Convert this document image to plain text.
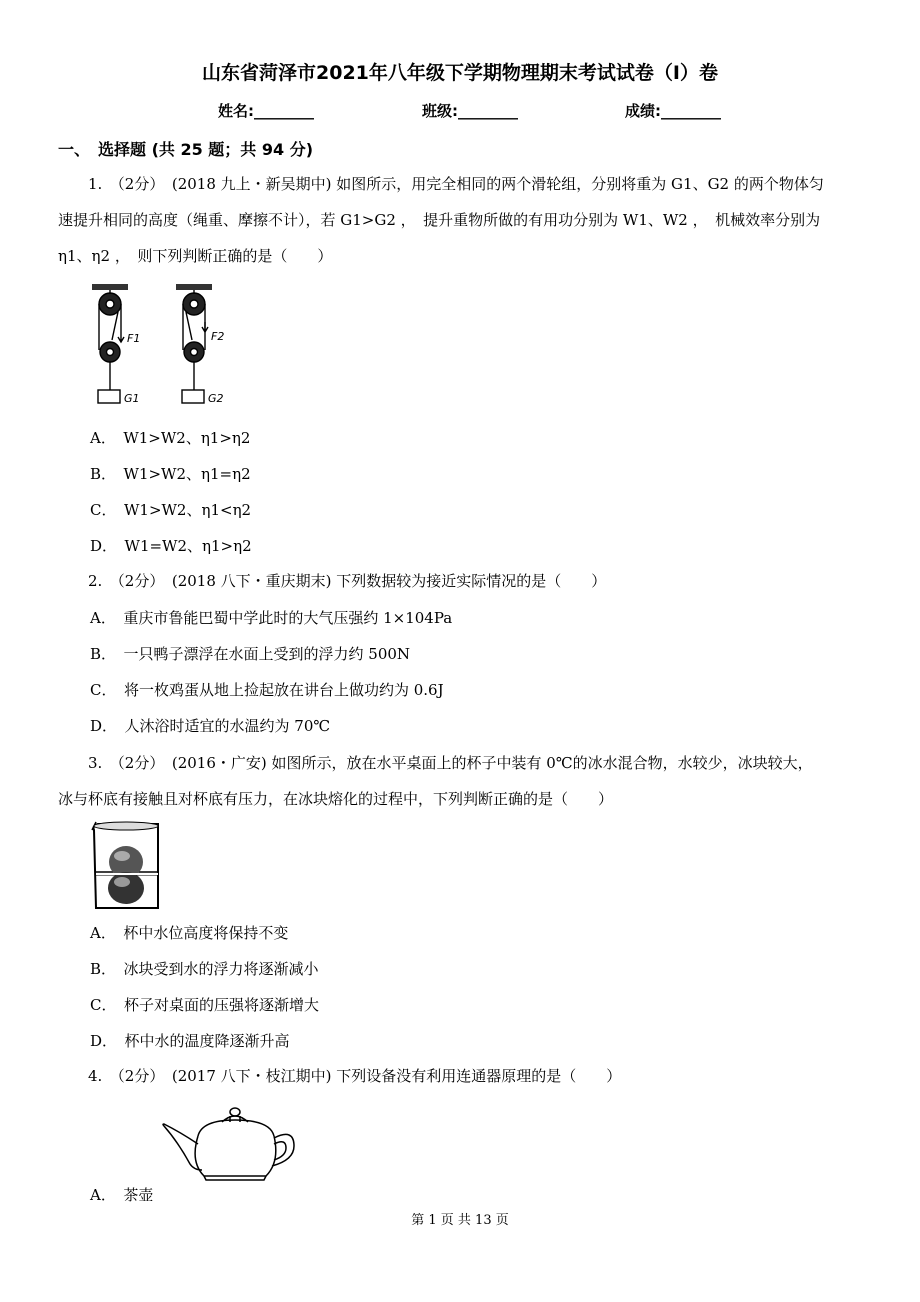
山东省菏泽市2021年八年级下学期物理期末考试试卷（I）卷
姓名:________	班级:________	成绩:________
一、　选择题 (共 25 题；共 94 分)
1.　（2分）　(2018 九上・新吴期中) 如图所示，用完全相同的两个滑轮组，分别将重为 G1、G2 的两个物体匀
速提升相同的高度（绳重、摩擦不计），若 G1>G2 ，　提升重物所做的有用功分别为 W1、W2 ，　机械效率分别为
η1、η2 ，　则下列判断正确的是（　　）
F1
G1
F2
G2
A．　W1>W2、η1>η2
B．　W1>W2、η1=η2
C．　W1>W2、η1<η2
D．　W1=W2、η1>η2
2.　（2分）　(2018 八下・重庆期末) 下列数据较为接近实际情况的是（　　）
A．　重庆市鲁能巴蜀中学此时的大气压强约 1×104Pa
B．　一只鸭子漂浮在水面上受到的浮力约 500N
C．　将一枚鸡蛋从地上捡起放在讲台上做功约为 0.6J
D．　人沐浴时适宜的水温约为 70℃
3.　（2分）　(2016・广安) 如图所示，放在水平桌面上的杯子中装有 0℃的冰水混合物，水较少，冰块较大，
冰与杯底有接触且对杯底有压力，在冰块熔化的过程中，下列判断正确的是（　　）
A．　杯中水位高度将保持不变
B．　冰块受到水的浮力将逐渐减小
C．　杯子对桌面的压强将逐渐增大
D．　杯中水的温度降逐渐升高
4.　（2分）　(2017 八下・枝江期中) 下列设备没有利用连通器原理的是（　　）
A．　茶壶
第 1 页 共 13 页
